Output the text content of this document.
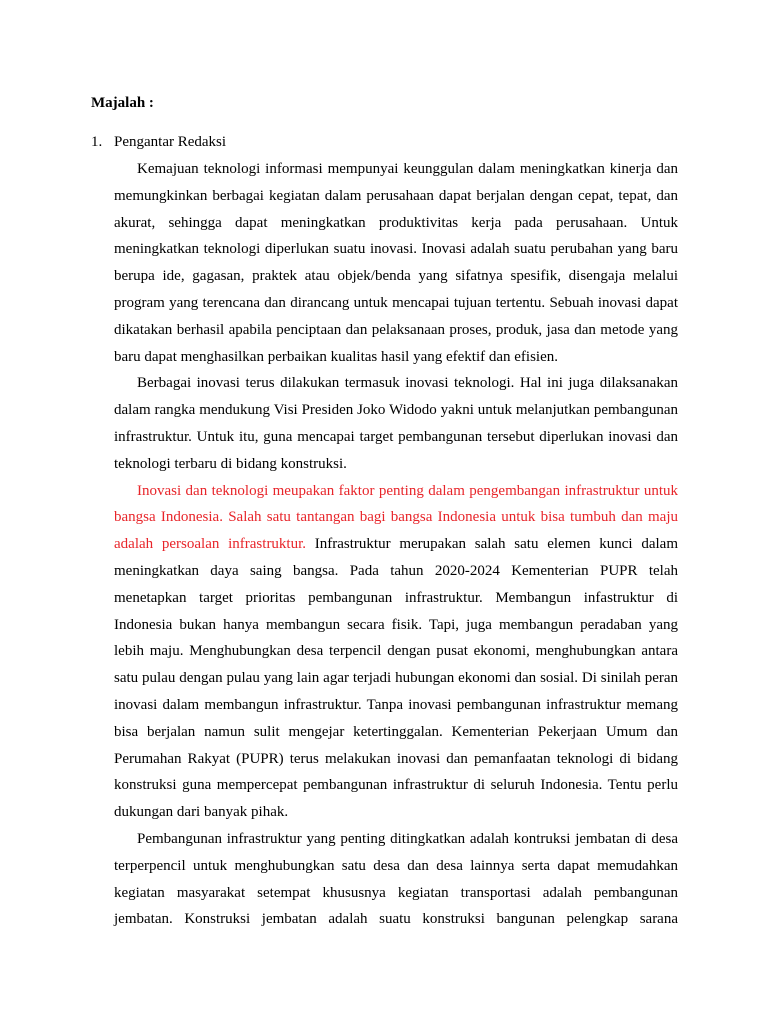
Majalah :
1. Pengantar Redaksi

Kemajuan teknologi informasi mempunyai keunggulan dalam meningkatkan kinerja dan memungkinkan berbagai kegiatan dalam perusahaan dapat berjalan dengan cepat, tepat, dan akurat, sehingga dapat meningkatkan produktivitas kerja pada perusahaan. Untuk meningkatkan teknologi diperlukan suatu inovasi. Inovasi adalah suatu perubahan yang baru berupa ide, gagasan, praktek atau objek/benda yang sifatnya spesifik, disengaja melalui program yang terencana dan dirancang untuk mencapai tujuan tertentu. Sebuah inovasi dapat dikatakan berhasil apabila penciptaan dan pelaksanaan proses, produk, jasa dan metode yang baru dapat menghasilkan perbaikan kualitas hasil yang efektif dan efisien.

Berbagai inovasi terus dilakukan termasuk inovasi teknologi. Hal ini juga dilaksanakan dalam rangka mendukung Visi Presiden Joko Widodo yakni untuk melanjutkan pembangunan infrastruktur. Untuk itu, guna mencapai target pembangunan tersebut diperlukan inovasi dan teknologi terbaru di bidang konstruksi.

Inovasi dan teknologi meupakan faktor penting dalam pengembangan infrastruktur untuk bangsa Indonesia. Salah satu tantangan bagi bangsa Indonesia untuk bisa tumbuh dan maju adalah persoalan infrastruktur. Infrastruktur merupakan salah satu elemen kunci dalam meningkatkan daya saing bangsa. Pada tahun 2020-2024 Kementerian PUPR telah menetapkan target prioritas pembangunan infrastruktur. Membangun infastruktur di Indonesia bukan hanya membangun secara fisik. Tapi, juga membangun peradaban yang lebih maju. Menghubungkan desa terpencil dengan pusat ekonomi, menghubungkan antara satu pulau dengan pulau yang lain agar terjadi hubungan ekonomi dan sosial. Di sinilah peran inovasi dalam membangun infrastruktur. Tanpa inovasi pembangunan infrastruktur memang bisa berjalan namun sulit mengejar ketertinggalan. Kementerian Pekerjaan Umum dan Perumahan Rakyat (PUPR) terus melakukan inovasi dan pemanfaatan teknologi di bidang konstruksi guna mempercepat pembangunan infrastruktur di seluruh Indonesia. Tentu perlu dukungan dari banyak pihak.

Pembangunan infrastruktur yang penting ditingkatkan adalah kontruksi jembatan di desa terperpencil untuk menghubungkan satu desa dan desa lainnya serta dapat memudahkan kegiatan masyarakat setempat khususnya kegiatan transportasi adalah pembangunan jembatan. Konstruksi jembatan adalah suatu konstruksi bangunan pelengkap sarana
